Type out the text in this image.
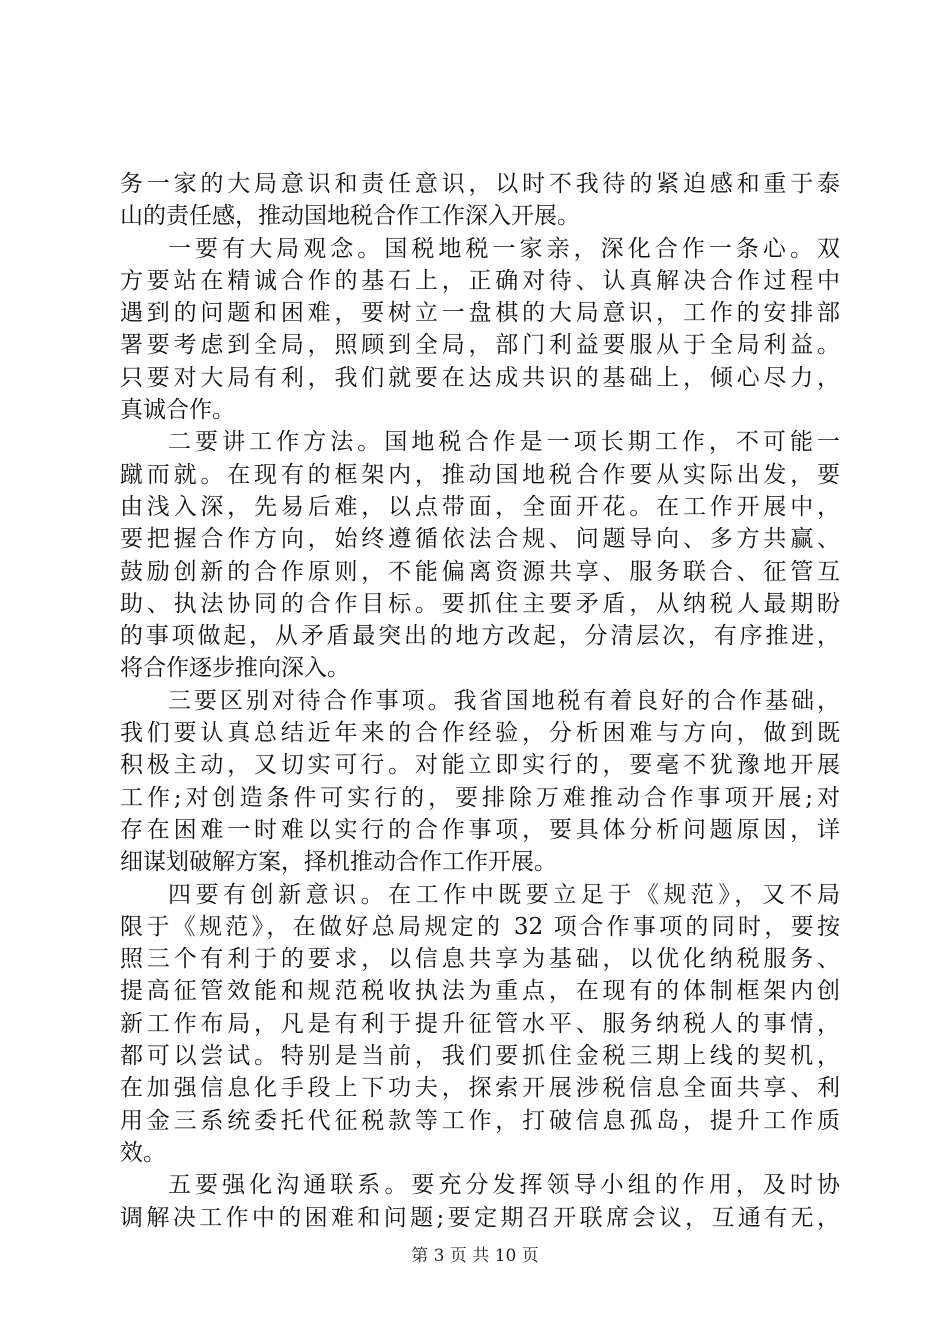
务一家的大局意识和责任意识，以时不我待的紧迫感和重于泰
山的责任感，推动国地税合作工作深入开展。
一要有大局观念。国税地税一家亲，深化合作一条心。双
方要站在精诚合作的基石上，正确对待、认真解决合作过程中
遇到的问题和困难，要树立一盘棋的大局意识，工作的安排部
署要考虑到全局，照顾到全局，部门利益要服从于全局利益。
只要对大局有利，我们就要在达成共识的基础上，倾心尽力，
真诚合作。
二要讲工作方法。国地税合作是一项长期工作，不可能一
蹴而就。在现有的框架内，推动国地税合作要从实际出发，要
由浅入深，先易后难，以点带面，全面开花。在工作开展中，
要把握合作方向，始终遵循依法合规、问题导向、多方共赢、
鼓励创新的合作原则，不能偏离资源共享、服务联合、征管互
助、执法协同的合作目标。要抓住主要矛盾，从纳税人最期盼
的事项做起，从矛盾最突出的地方改起，分清层次，有序推进，
将合作逐步推向深入。
三要区别对待合作事项。我省国地税有着良好的合作基础，
我们要认真总结近年来的合作经验，分析困难与方向，做到既
积极主动，又切实可行。对能立即实行的，要毫不犹豫地开展
工作;对创造条件可实行的，要排除万难推动合作事项开展;对
存在困难一时难以实行的合作事项，要具体分析问题原因，详
细谋划破解方案，择机推动合作工作开展。
四要有创新意识。在工作中既要立足于《规范》，又不局
限于《规范》，在做好总局规定的 32 项合作事项的同时，要按
照三个有利于的要求，以信息共享为基础，以优化纳税服务、
提高征管效能和规范税收执法为重点，在现有的体制框架内创
新工作布局，凡是有利于提升征管水平、服务纳税人的事情，
都可以尝试。特别是当前，我们要抓住金税三期上线的契机，
在加强信息化手段上下功夫，探索开展涉税信息全面共享、利
用金三系统委托代征税款等工作，打破信息孤岛，提升工作质
效。
五要强化沟通联系。要充分发挥领导小组的作用，及时协
调解决工作中的困难和问题;要定期召开联席会议，互通有无，
第 3 页 共 10 页
